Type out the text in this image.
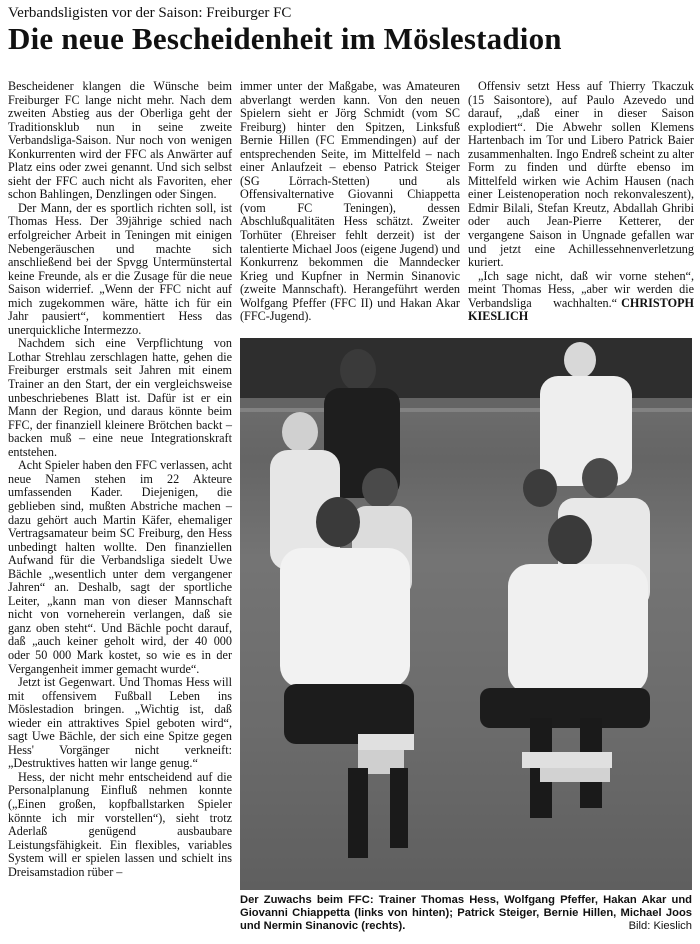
Verbandsligisten vor der Saison: Freiburger FC

Die neue Bescheidenheit im Möslestadion

Bescheidener klangen die Wünsche beim Freiburger FC lange nicht mehr. Nach dem zweiten Abstieg aus der Oberliga geht der Traditionsklub nun in seine zweite Verbandsliga-Saison. Nur noch von wenigen Konkurrenten wird der FFC als Anwärter auf Platz eins oder zwei genannt. Und sich selbst sieht der FFC auch nicht als Favoriten, eher schon Bahlingen, Denzlingen oder Singen.

Der Mann, der es sportlich richten soll, ist Thomas Hess. Der 39jährige schied nach erfolgreicher Arbeit in Teningen mit einigen Nebengeräuschen und machte sich anschließend bei der Spvgg Untermünstertal keine Freunde, als er die Zusage für die neue Saison widerrief. „Wenn der FFC nicht auf mich zugekommen wäre, hätte ich für ein Jahr pausiert“, kommentiert Hess das unerquickliche Intermezzo.

Nachdem sich eine Verpflichtung von Lothar Strehlau zerschlagen hatte, gehen die Freiburger erstmals seit Jahren mit einem Trainer an den Start, der ein vergleichsweise unbeschriebenes Blatt ist. Dafür ist er ein Mann der Region, und daraus könnte beim FFC, der finanziell kleinere Brötchen backt – backen muß – eine neue Integrationskraft entstehen.

Acht Spieler haben den FFC verlassen, acht neue Namen stehen im 22 Akteure umfassenden Kader. Diejenigen, die geblieben sind, mußten Abstriche machen – dazu gehört auch Martin Käfer, ehemaliger Vertragsamateur beim SC Freiburg, den Hess unbedingt halten wollte. Den finanziellen Aufwand für die Verbandsliga siedelt Uwe Bächle „wesentlich unter dem vergangener Jahren“ an. Deshalb, sagt der sportliche Leiter, „kann man von dieser Mannschaft nicht von vorneherein verlangen, daß sie ganz oben steht“. Und Bächle pocht darauf, daß „auch keiner geholt wird, der 40 000 oder 50 000 Mark kostet, so wie es in der Vergangenheit immer gemacht wurde“.

Jetzt ist Gegenwart. Und Thomas Hess will mit offensivem Fußball Leben ins Möslestadion bringen. „Wichtig ist, daß wieder ein attraktives Spiel geboten wird“, sagt Uwe Bächle, der sich eine Spitze gegen Hess' Vorgänger nicht verkneift: „Destruktives hatten wir lange genug.“

Hess, der nicht mehr entscheidend auf die Personalplanung Einfluß nehmen konnte („Einen großen, kopfballstarken Spieler könnte ich mir vorstellen“), sieht trotz Aderlaß genügend ausbaubare Leistungsfähigkeit. Ein flexibles, variables System will er spielen lassen und schielt ins Dreisamstadion rüber –

immer unter der Maßgabe, was Amateuren abverlangt werden kann. Von den neuen Spielern sieht er Jörg Schmidt (vom SC Freiburg) hinter den Spitzen, Linksfuß Bernie Hillen (FC Emmendingen) auf der entsprechenden Seite, im Mittelfeld – nach einer Anlaufzeit – ebenso Patrick Steiger (SG Lörrach-Stetten) und als Offensivalternative Giovanni Chiappetta (vom FC Teningen), dessen Abschlußqualitäten Hess schätzt. Zweiter Torhüter (Ehreiser fehlt derzeit) ist der talentierte Michael Joos (eigene Jugend) und Konkurrenz bekommen die Manndecker Krieg und Kupfner in Nermin Sinanovic (zweite Mannschaft). Herangeführt werden Wolfgang Pfeffer (FFC II) und Hakan Akar (FFC-Jugend).

Offensiv setzt Hess auf Thierry Tkaczuk (15 Saisontore), auf Paulo Azevedo und darauf, „daß einer in dieser Saison explodiert“. Die Abwehr sollen Klemens Hartenbach im Tor und Libero Patrick Baier zusammenhalten. Ingo Endreß scheint zu alter Form zu finden und dürfte ebenso im Mittelfeld wirken wie Achim Hausen (nach einer Leistenoperation noch rekonvaleszent), Edmir Bilali, Stefan Kreutz, Abdallah Ghribi oder auch Jean-Pierre Ketterer, der vergangene Saison in Ungnade gefallen war und jetzt eine Achillessehnenverletzung kuriert.

„Ich sage nicht, daß wir vorne stehen“, meint Thomas Hess, „aber wir werden die Verbandsliga wachhalten.“ CHRISTOPH KIESLICH

Der Zuwachs beim FFC: Trainer Thomas Hess, Wolfgang Pfeffer, Hakan Akar und Giovanni Chiappetta (links von hinten); Patrick Steiger, Bernie Hillen, Michael Joos und Nermin Sinanovic (rechts).	Bild: Kieslich
